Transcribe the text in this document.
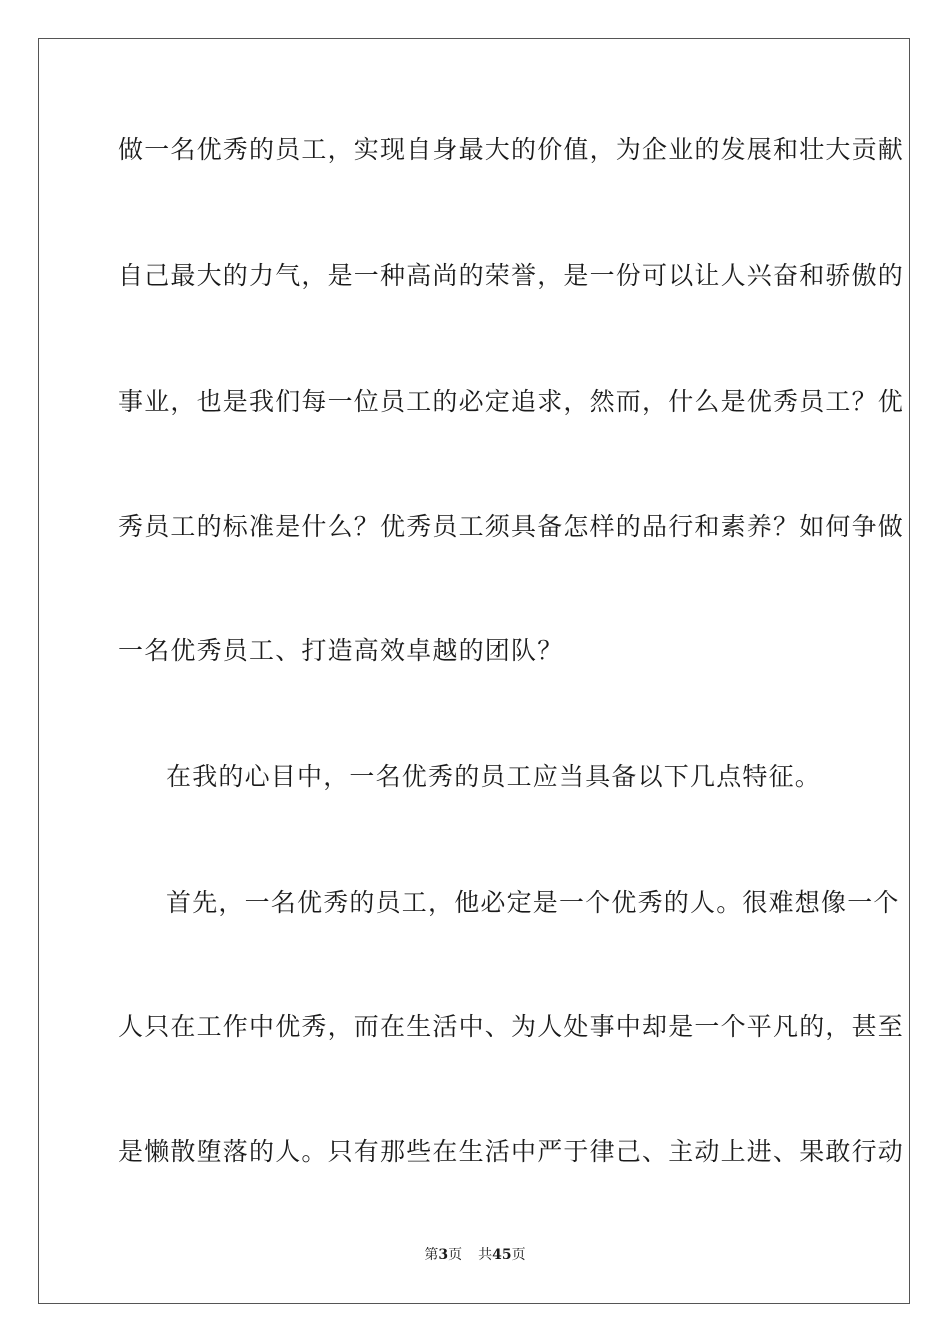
做一名优秀的员工，实现自身最大的价值，为企业的发展和壮大贡献
自己最大的力气，是一种高尚的荣誉，是一份可以让人兴奋和骄傲的
事业，也是我们每一位员工的必定追求，然而，什么是优秀员工？优
秀员工的标准是什么？优秀员工须具备怎样的品行和素养？如何争做
一名优秀员工、打造高效卓越的团队？
在我的心目中，一名优秀的员工应当具备以下几点特征。
首先，一名优秀的员工，他必定是一个优秀的人。很难想像一个
人只在工作中优秀，而在生活中、为人处事中却是一个平凡的，甚至
是懒散堕落的人。只有那些在生活中严于律己、主动上进、果敢行动
第3页 共45页
